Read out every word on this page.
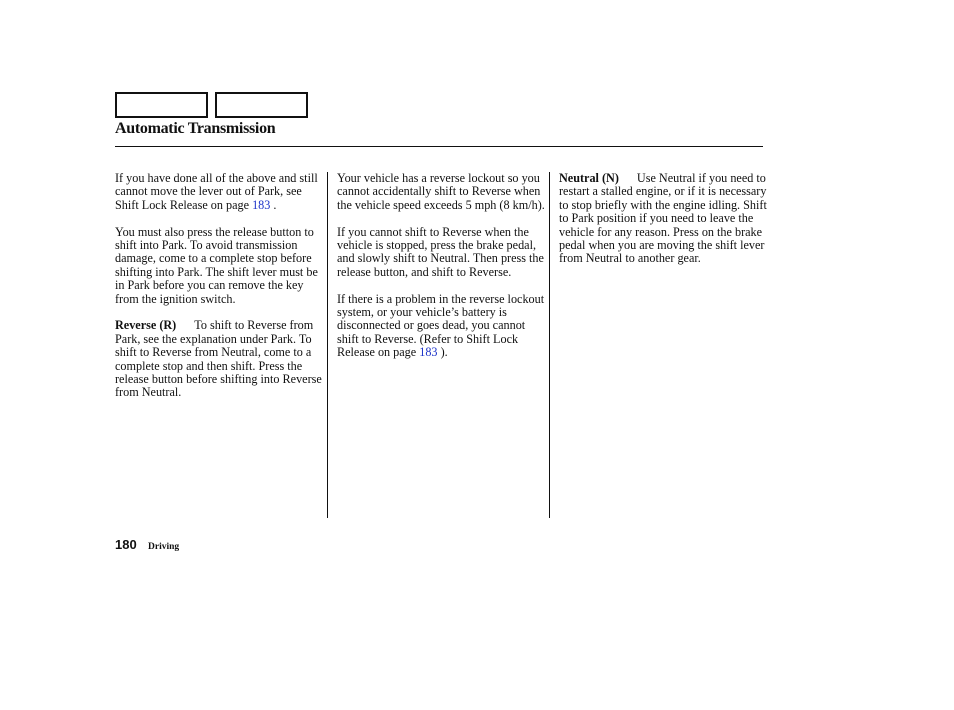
Automatic Transmission

If you have done all of the above and still cannot move the lever out of Park, see Shift Lock Release on page 183 .

You must also press the release button to shift into Park. To avoid transmission damage, come to a complete stop before shifting into Park. The shift lever must be in Park before you can remove the key from the ignition switch.

Reverse (R) To shift to Reverse from Park, see the explanation under Park. To shift to Reverse from Neutral, come to a complete stop and then shift. Press the release button before shifting into Reverse from Neutral.

Your vehicle has a reverse lockout so you cannot accidentally shift to Reverse when the vehicle speed exceeds 5 mph (8 km/h).

If you cannot shift to Reverse when the vehicle is stopped, press the brake pedal, and slowly shift to Neutral. Then press the release button, and shift to Reverse.

If there is a problem in the reverse lockout system, or your vehicle’s battery is disconnected or goes dead, you cannot shift to Reverse. (Refer to Shift Lock Release on page 183 ).

Neutral (N) Use Neutral if you need to restart a stalled engine, or if it is necessary to stop briefly with the engine idling. Shift to Park position if you need to leave the vehicle for any reason. Press on the brake pedal when you are moving the shift lever from Neutral to another gear.

180 Driving
